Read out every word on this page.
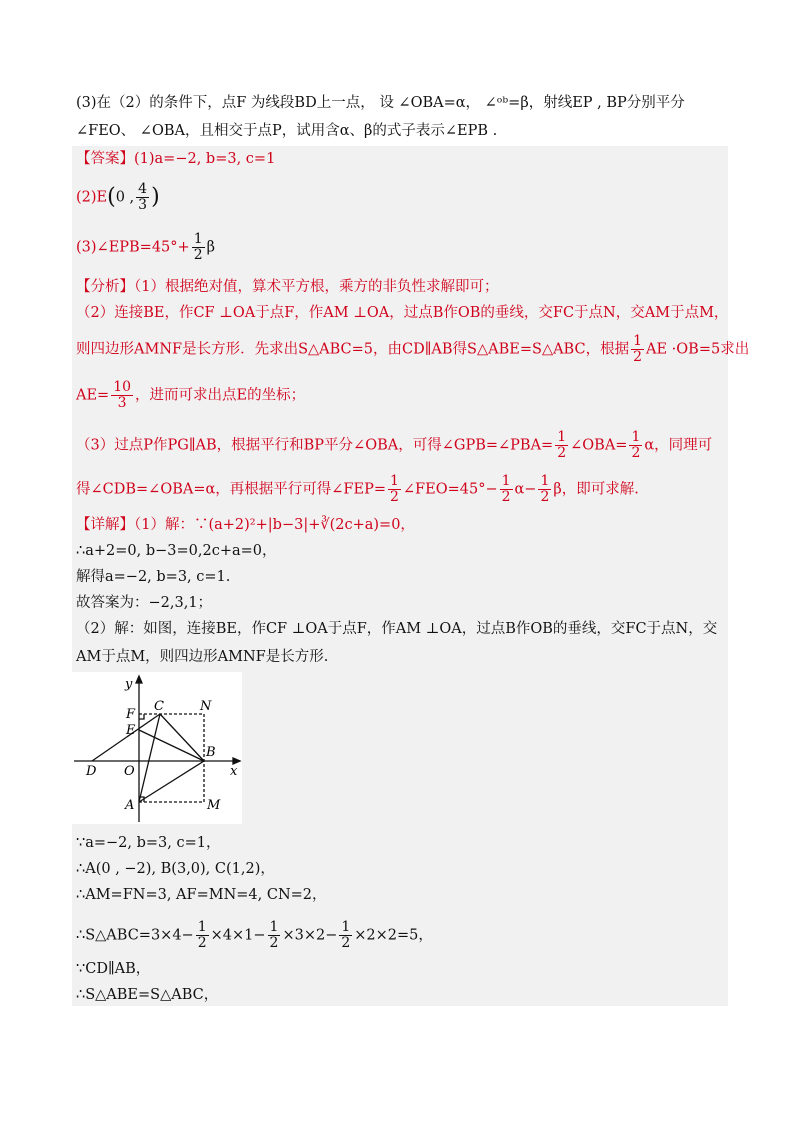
(3)在（2）的条件下，点F 为线段BD上一点， 设 ∠OBA=α， ∠ᵒᵇ=β，射线EP , BP分别平分
∠FEO、 ∠OBA，且相交于点P，试用含α、β的式子表示∠EPB .
【答案】(1)a=−2, b=3, c=1
(2)E(0 , $\frac{4}{3}$ )
(3)∠EPB=45°+ $\frac{1}{2}$ β
【分析】（1）根据绝对值，算术平方根，乘方的非负性求解即可；
（2）连接BE，作CF ⊥OA于点F，作AM ⊥OA，过点B作OB的垂线，交FC于点N，交AM于点M，
则四边形AMNF是长方形．先求出S△ABC=5，由CD∥AB得S△ABE=S△ABC，根据 $\frac{1}{2}$ AE ·OB=5求出
$AE= \frac{10}{3}$ ，进而可求出点E的坐标；
（3）过点P作PG∥AB，根据平行和BP平分∠OBA，可得∠GPB=∠PBA= $\frac{1}{2}$ ∠OBA= $\frac{1}{2}$ α，同理可
得∠CDB=∠OBA=α，再根据平行可得∠FEP= $\frac{1}{2}$ ∠FEO=45°− $\frac{1}{2} \alpha- \frac{1}{2}$ β，即可求解.
【详解】（1）解：∵(a+2)²+|b−3|+∛(2c+a)=0，
∴a+2=0, b−3=0,2c+a=0，
解得a=−2, b=3, c=1.
故答案为：−2,3,1；
（2）解：如图，连接BE，作CF ⊥OA于点F，作AM ⊥OA，过点B作OB的垂线，交FC于点N，交
AM于点M，则四边形AMNF是长方形.
y
x
F
C	N
E
B
D O
A	M
∵a=−2, b=3, c=1，
∴A(0 , −2), B(3,0), C(1,2)，
∴AM=FN=3, AF=MN=4, CN=2，
∴S△ABC=3×4− $\frac{1}{2} \times 4\times 1- \frac{1}{2} \times 3\times 2- \frac{1}{2} \times 2\times 2=5$，
∵CD∥AB，
∴S△ABE=S△ABC，
